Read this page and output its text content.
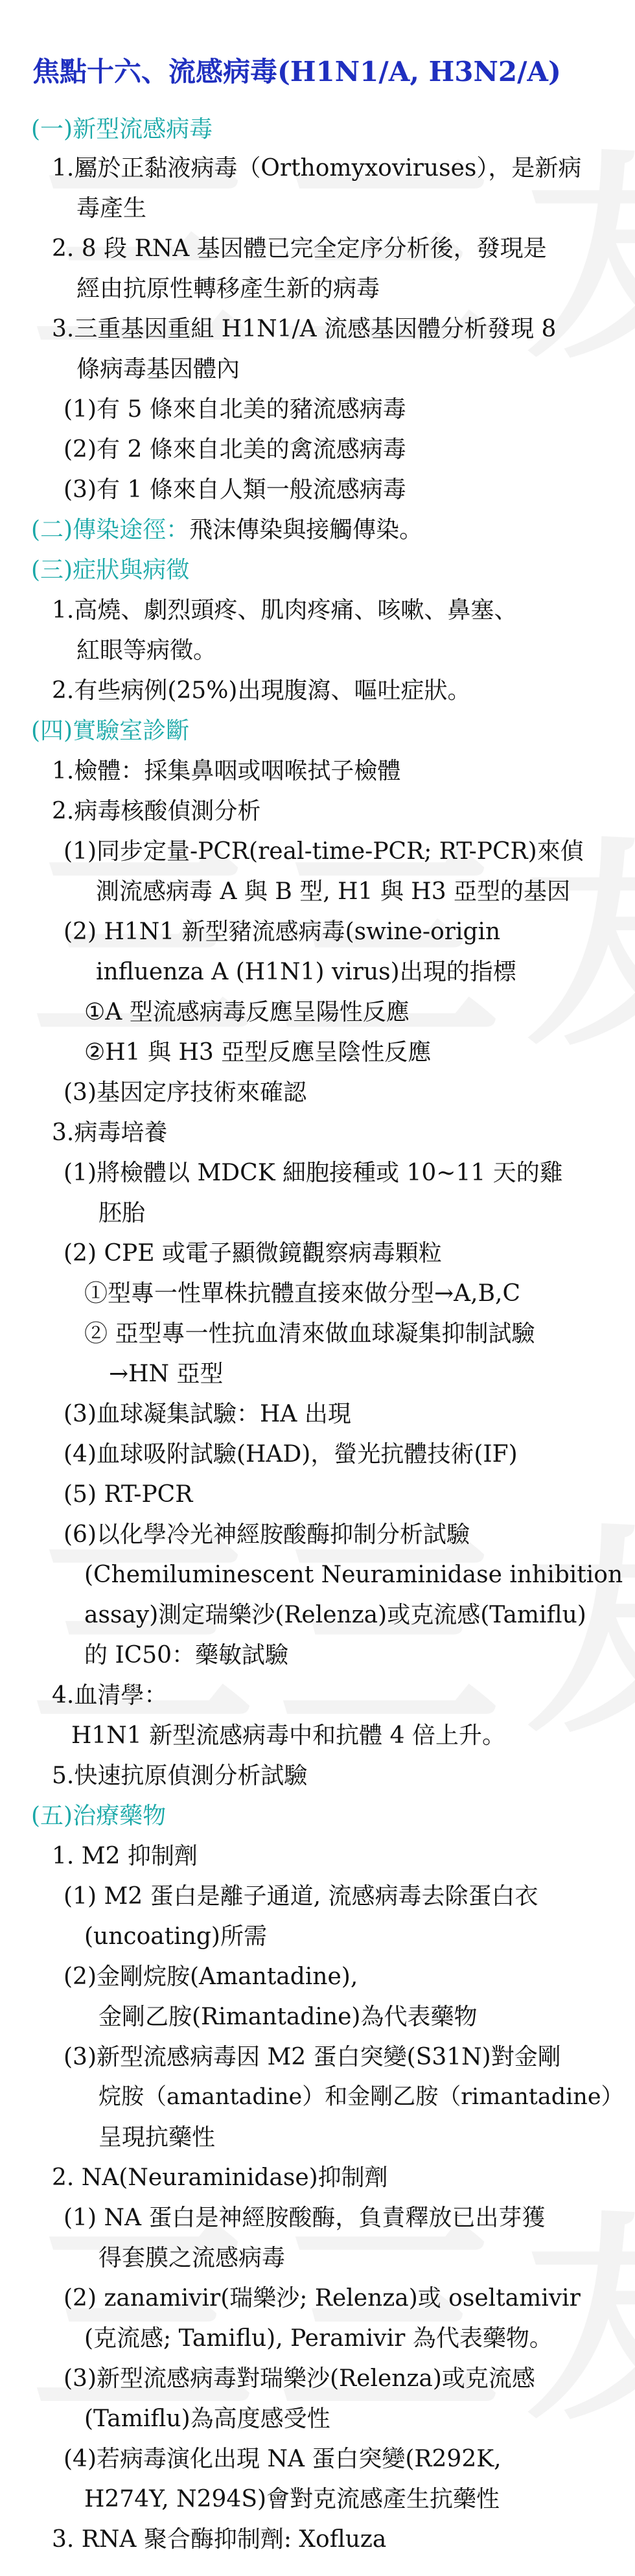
焦點十六、流感病毒(H1N1/A, H3N2/A)
(一)新型流感病毒
1.屬於正黏液病毒（Orthomyxoviruses），是新病
毒產生
2. 8 段 RNA 基因體已完全定序分析後，發現是
經由抗原性轉移產生新的病毒
3.三重基因重組 H1N1/A 流感基因體分析發現 8
條病毒基因體內
(1)有 5 條來自北美的豬流感病毒
(2)有 2 條來自北美的禽流感病毒
(3)有 1 條來自人類一般流感病毒
(二)傳染途徑：飛沫傳染與接觸傳染。
(三)症狀與病徵
1.高燒、劇烈頭疼、肌肉疼痛、咳嗽、鼻塞、
紅眼等病徵。
2.有些病例(25%)出現腹瀉、嘔吐症狀。
(四)實驗室診斷
1.檢體：採集鼻咽或咽喉拭子檢體
2.病毒核酸偵測分析
(1)同步定量-PCR(real-time-PCR; RT-PCR)來偵
測流感病毒 A 與 B 型, H1 與 H3 亞型的基因
(2) H1N1 新型豬流感病毒(swine-origin
influenza A (H1N1) virus)出現的指標
①A 型流感病毒反應呈陽性反應
②H1 與 H3 亞型反應呈陰性反應
(3)基因定序技術來確認
3.病毒培養
(1)將檢體以 MDCK 細胞接種或 10~11 天的雞
胚胎
(2) CPE 或電子顯微鏡觀察病毒顆粒
①型專一性單株抗體直接來做分型→A,B,C
② 亞型專一性抗血清來做血球凝集抑制試驗
→HN 亞型
(3)血球凝集試驗：HA 出現
(4)血球吸附試驗(HAD)，螢光抗體技術(IF)
(5) RT-PCR
(6)以化學冷光神經胺酸酶抑制分析試驗
(Chemiluminescent Neuraminidase inhibition
assay)測定瑞樂沙(Relenza)或克流感(Tamiflu)
的 IC50：藥敏試驗
4.血清學：
H1N1 新型流感病毒中和抗體 4 倍上升。
5.快速抗原偵測分析試驗
(五)治療藥物
1. M2 抑制劑
(1) M2 蛋白是離子通道, 流感病毒去除蛋白衣
(uncoating)所需
(2)金剛烷胺(Amantadine),
金剛乙胺(Rimantadine)為代表藥物
(3)新型流感病毒因 M2 蛋白突變(S31N)對金剛
烷胺（amantadine）和金剛乙胺（rimantadine）
呈現抗藥性
2. NA(Neuraminidase)抑制劑
(1) NA 蛋白是神經胺酸酶，負責釋放已出芽獲
得套膜之流感病毒
(2) zanamivir(瑞樂沙; Relenza)或 oseltamivir
(克流感; Tamiflu), Peramivir 為代表藥物。
(3)新型流感病毒對瑞樂沙(Relenza)或克流感
(Tamiflu)為高度感受性
(4)若病毒演化出現 NA 蛋白突變(R292K,
H274Y, N294S)會對克流感產生抗藥性
3. RNA 聚合酶抑制劑: Xofluza
